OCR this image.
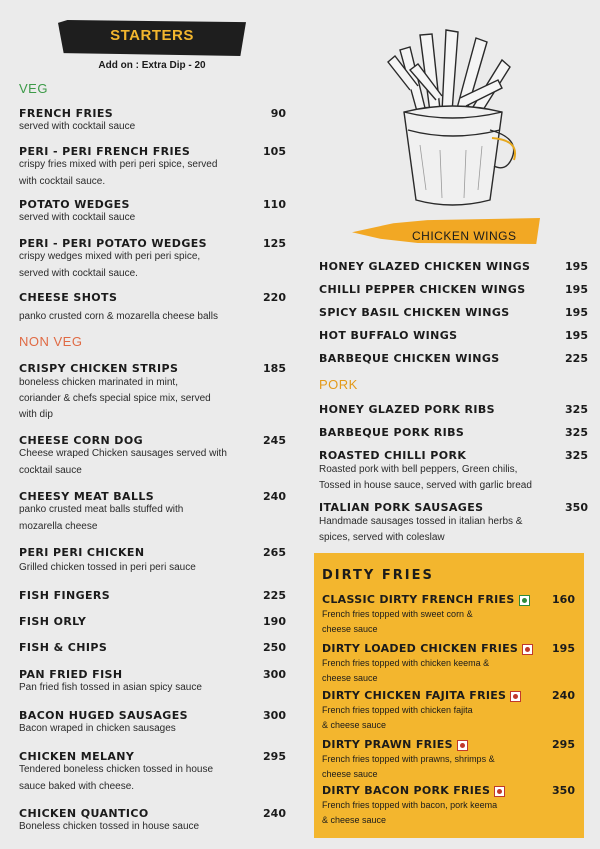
STARTERS
Add on : Extra Dip - 20
VEG
NON VEG
FRENCH FRIES	90
served with cocktail sauce
PERI - PERI FRENCH FRIES	105
crispy fries mixed with peri peri spice, served
with cocktail sauce.
POTATO WEDGES	110
served with cocktail sauce
PERI - PERI POTATO WEDGES	125
crispy wedges mixed with peri peri spice,
served with cocktail sauce.
CHEESE SHOTS	220
panko crusted corn & mozarella cheese balls
CRISPY CHICKEN STRIPS	185
boneless chicken marinated in mint,
coriander & chefs special spice mix, served
with dip
CHEESE CORN DOG	245
Cheese wraped Chicken sausages served with
cocktail sauce
CHEESY MEAT BALLS	240
panko crusted meat balls stuffed with
mozarella cheese
PERI PERI CHICKEN	265
Grilled chicken tossed in peri peri sauce
FISH FINGERS	225
FISH ORLY	190
FISH & CHIPS	250
PAN FRIED FISH	300
Pan fried fish tossed in asian spicy sauce
BACON HUGED SAUSAGES	300
Bacon wraped in chicken sausages
CHICKEN MELANY	295
Tendered boneless chicken tossed in house
sauce baked with cheese.
CHICKEN QUANTICO	240
Boneless chicken tossed in house sauce
CHICKEN WINGS
HONEY GLAZED CHICKEN WINGS	195
CHILLI PEPPER CHICKEN WINGS	195
SPICY BASIL CHICKEN WINGS	195
HOT BUFFALO WINGS	195
BARBEQUE CHICKEN WINGS	225
PORK
HONEY GLAZED PORK RIBS	325
BARBEQUE PORK RIBS	325
ROASTED CHILLI PORK	325
Roasted pork with bell peppers, Green chilis,
Tossed in house sauce, served with garlic bread
ITALIAN PORK SAUSAGES	350
Handmade sausages tossed in italian herbs &
spices, served with coleslaw
DIRTY FRIES
CLASSIC DIRTY FRENCH FRIES	160
French fries topped with sweet corn &
cheese sauce
DIRTY LOADED CHICKEN FRIES	195
French fries topped with chicken keema &
cheese sauce
DIRTY CHICKEN FAJITA FRIES	240
French fries topped with chicken fajita
& cheese sauce
DIRTY PRAWN FRIES	295
French fries topped with prawns, shrimps &
cheese sauce
DIRTY BACON PORK FRIES	350
French fries topped with bacon, pork keema
& cheese sauce
